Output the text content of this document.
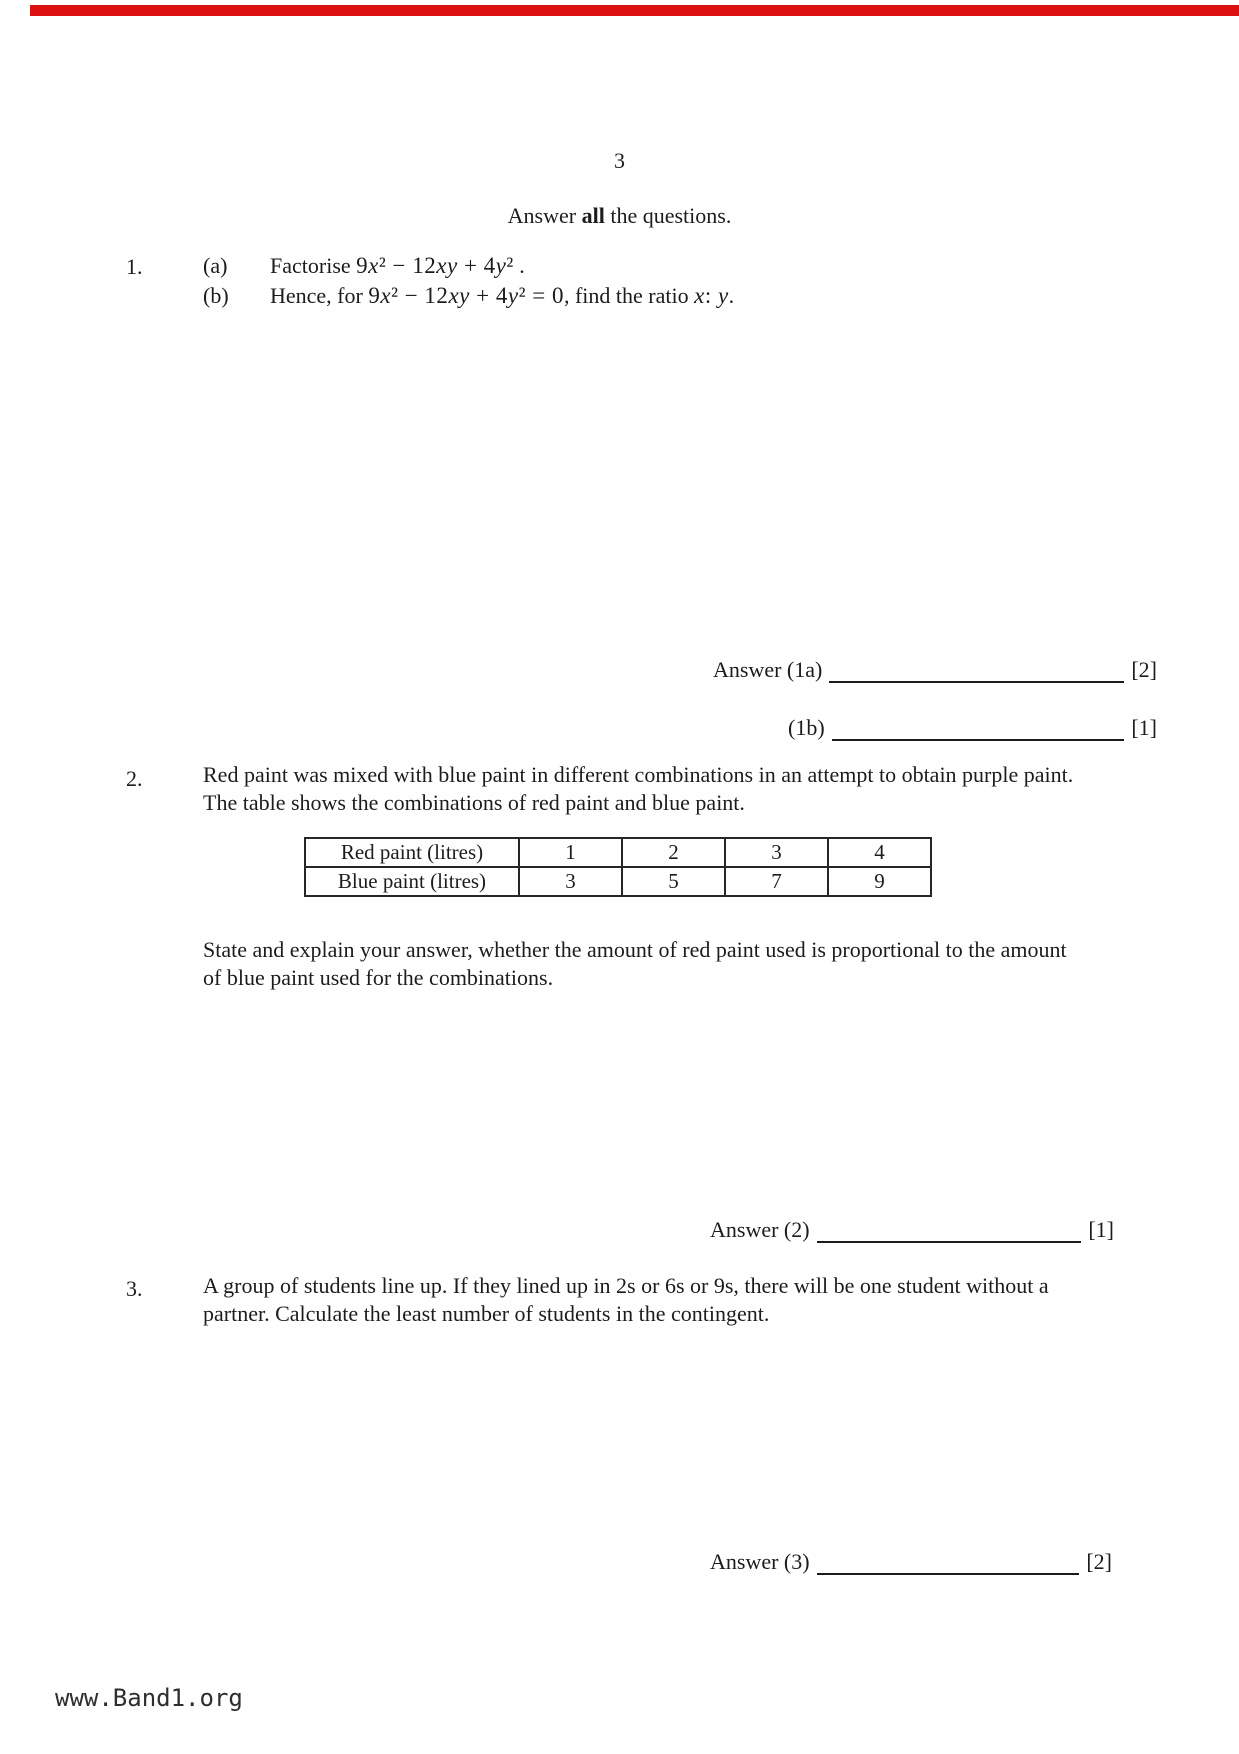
3
Answer all the questions.
1.	(a) Factorise 9x² − 12xy + 4y² .
(b) Hence, for 9x² − 12xy + 4y² = 0, find the ratio x: y.
Answer (1a)	[2]
(1b)	[1]
2.	Red paint was mixed with blue paint in different combinations in an attempt to obtain purple paint.
The table shows the combinations of red paint and blue paint.
Red paint (litres)	1	2	3	4
Blue paint (litres)	3	5	7	9
State and explain your answer, whether the amount of red paint used is proportional to the amount
of blue paint used for the combinations.
Answer (2)	[1]
3.	A group of students line up. If they lined up in 2s or 6s or 9s, there will be one student without a
partner. Calculate the least number of students in the contingent.
Answer (3)	[2]
www.Band1.org
